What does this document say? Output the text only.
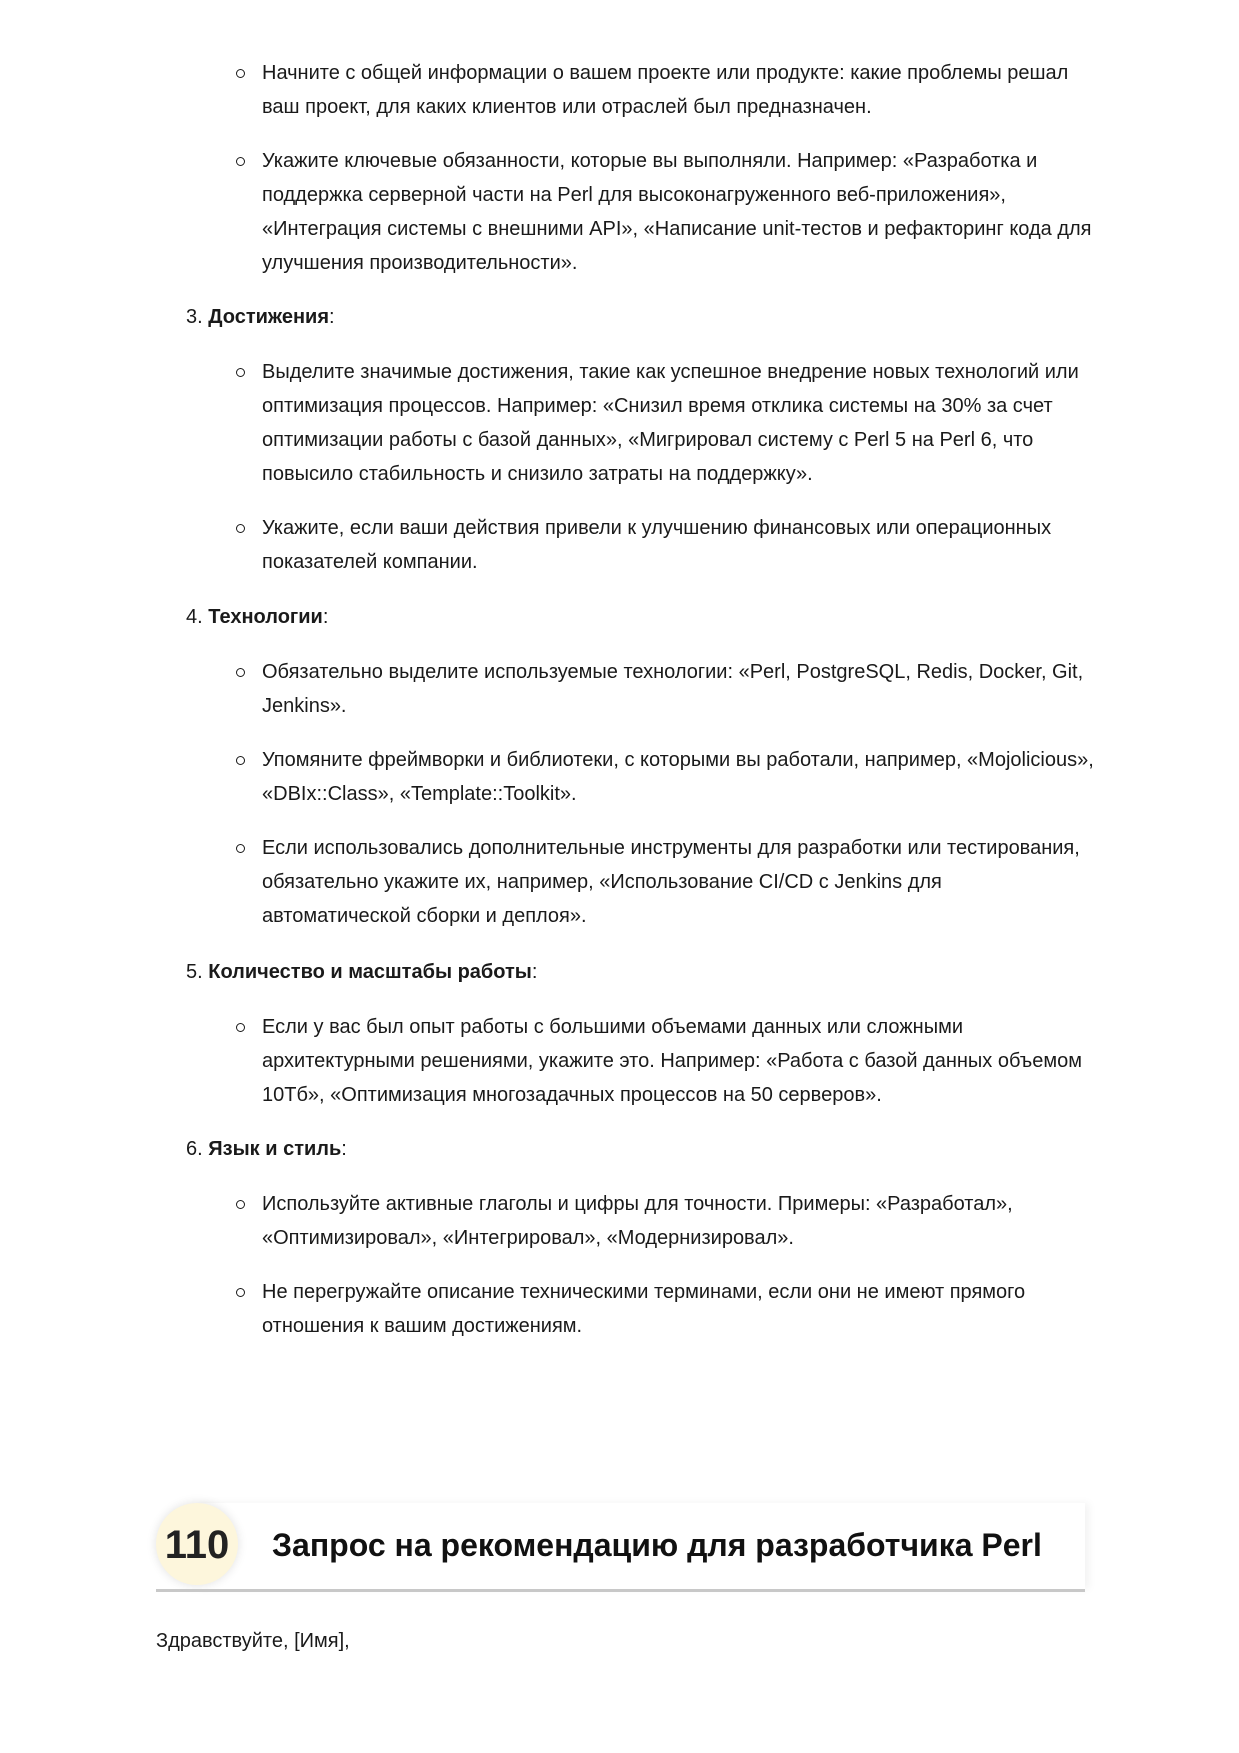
Начните с общей информации о вашем проекте или продукте: какие проблемы решал ваш проект, для каких клиентов или отраслей был предназначен.
Укажите ключевые обязанности, которые вы выполняли. Например: «Разработка и поддержка серверной части на Perl для высоконагруженного веб-приложения», «Интеграция системы с внешними API», «Написание unit-тестов и рефакторинг кода для улучшения производительности».
3. Достижения:
Выделите значимые достижения, такие как успешное внедрение новых технологий или оптимизация процессов. Например: «Снизил время отклика системы на 30% за счет оптимизации работы с базой данных», «Мигрировал систему с Perl 5 на Perl 6, что повысило стабильность и снизило затраты на поддержку».
Укажите, если ваши действия привели к улучшению финансовых или операционных показателей компании.
4. Технологии:
Обязательно выделите используемые технологии: «Perl, PostgreSQL, Redis, Docker, Git, Jenkins».
Упомяните фреймворки и библиотеки, с которыми вы работали, например, «Mojolicious», «DBIx::Class», «Template::Toolkit».
Если использовались дополнительные инструменты для разработки или тестирования, обязательно укажите их, например, «Использование CI/CD с Jenkins для автоматической сборки и деплоя».
5. Количество и масштабы работы:
Если у вас был опыт работы с большими объемами данных или сложными архитектурными решениями, укажите это. Например: «Работа с базой данных объемом 10Тб», «Оптимизация многозадачных процессов на 50 серверов».
6. Язык и стиль:
Используйте активные глаголы и цифры для точности. Примеры: «Разработал», «Оптимизировал», «Интегрировал», «Модернизировал».
Не перегружайте описание техническими терминами, если они не имеют прямого отношения к вашим достижениям.
110 Запрос на рекомендацию для разработчика Perl
Здравствуйте, [Имя],
